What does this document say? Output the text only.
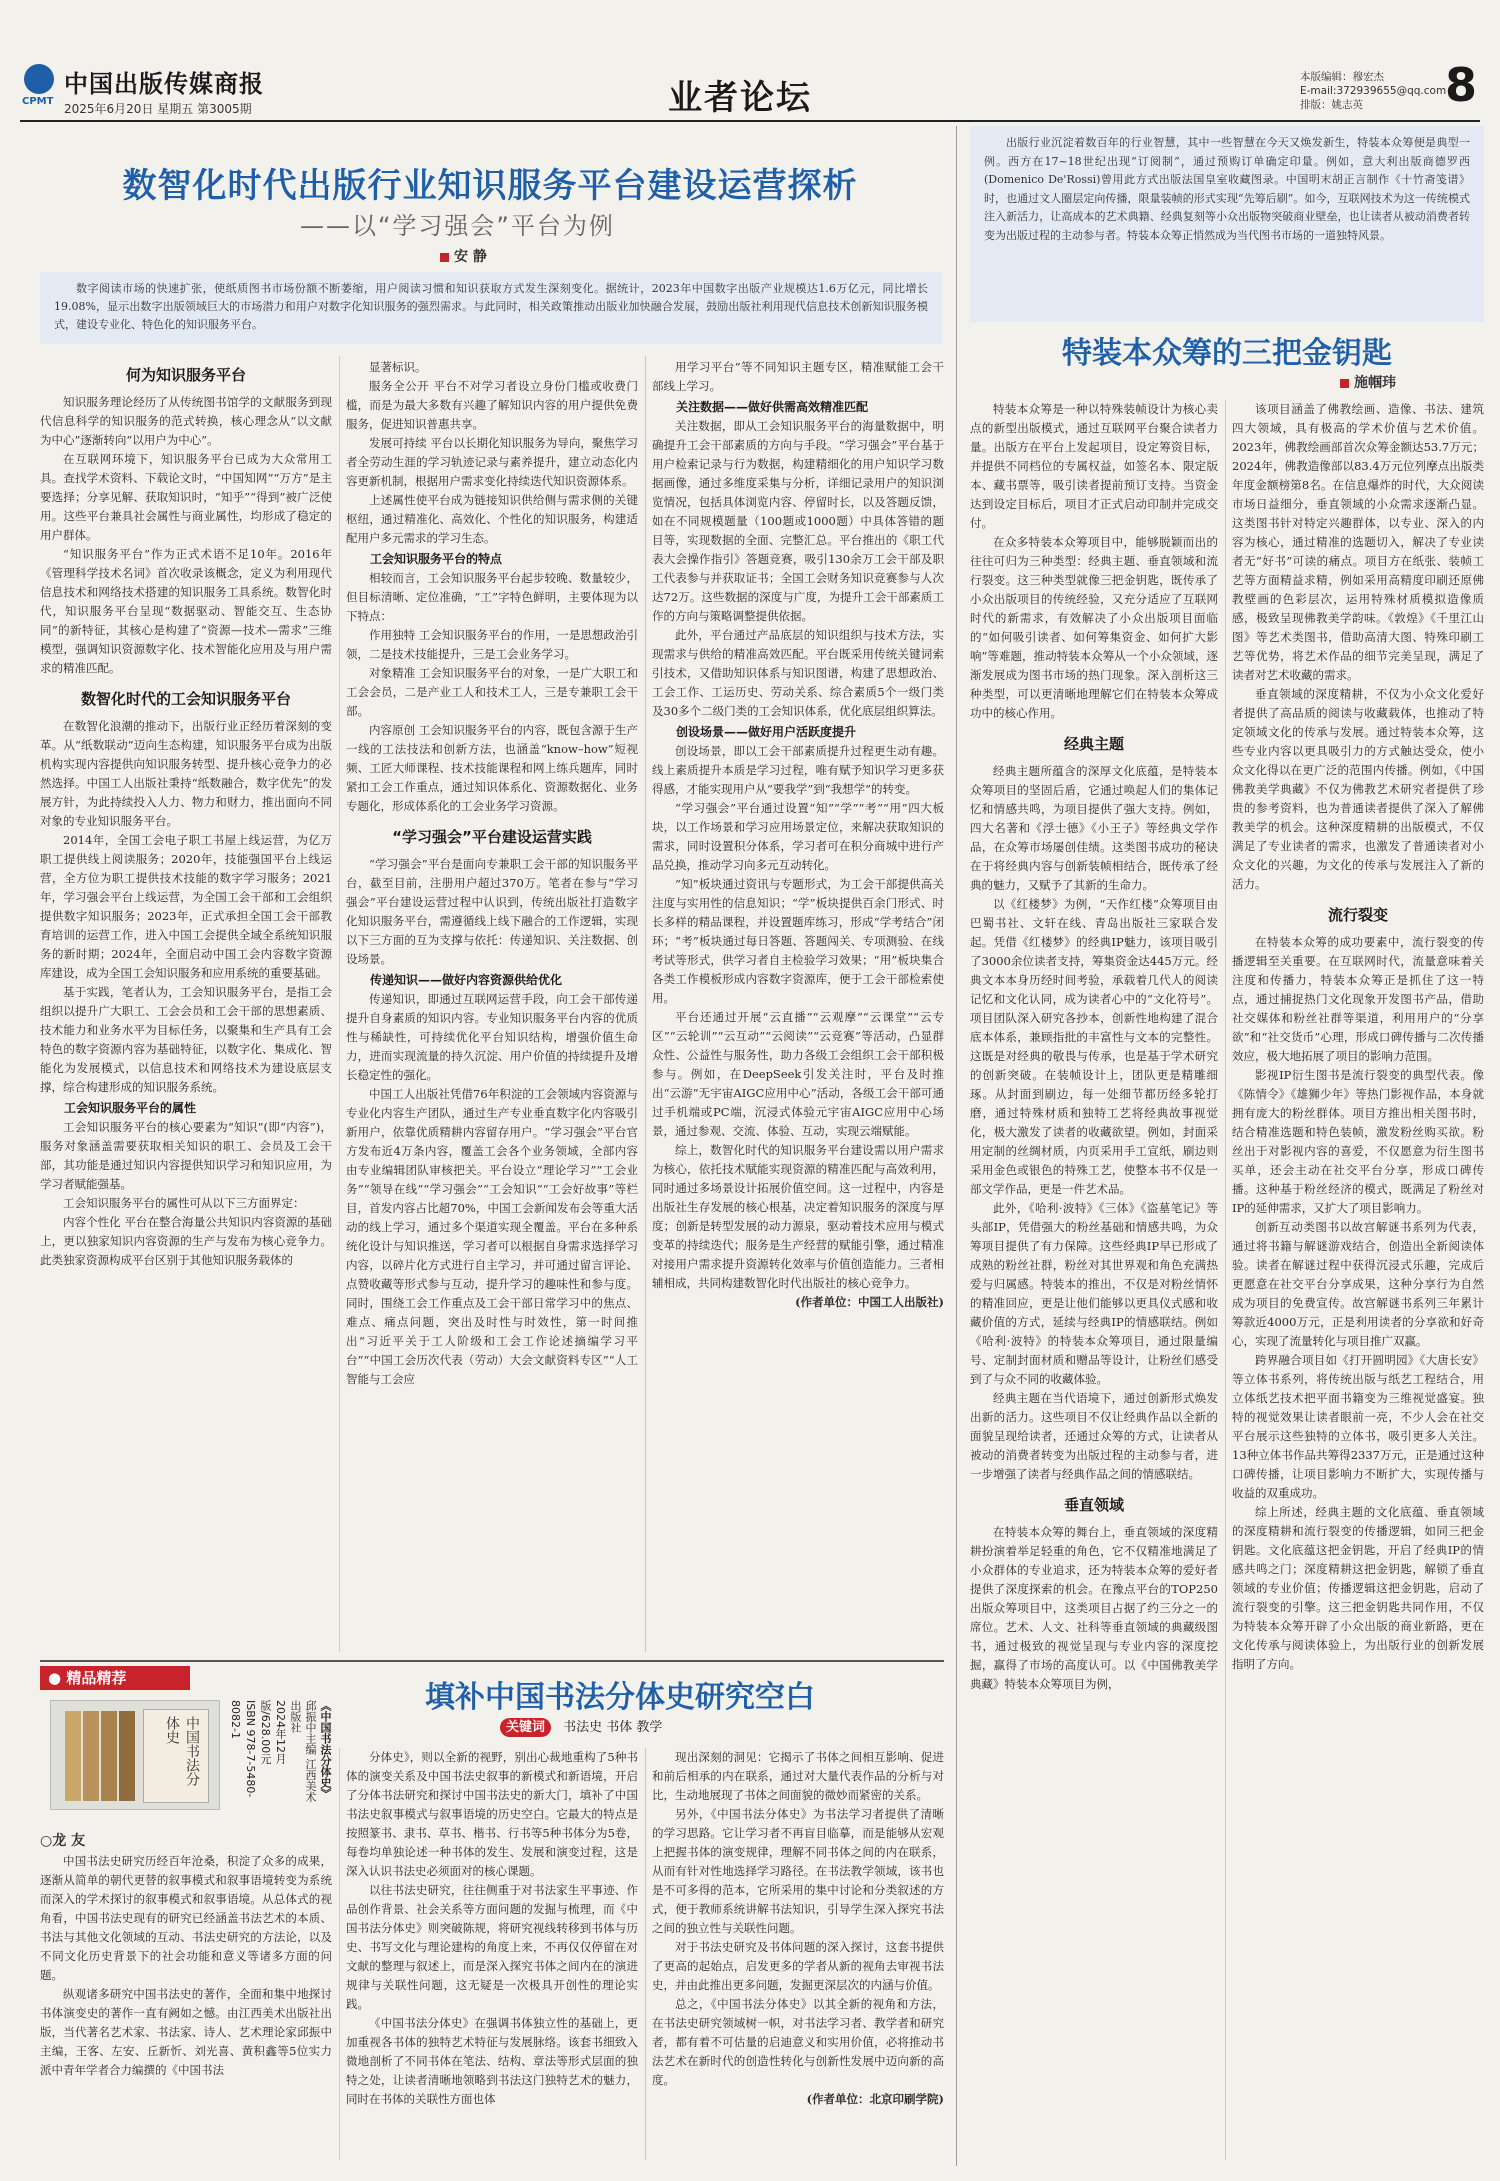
CPMT
中国出版传媒商报
2025年6月20日 星期五 第3005期	业者论坛
本版编辑：穆宏杰
E-mail:372939655@qq.com
排版：姚志英	8
数智化时代出版行业知识服务平台建设运营探析
——以“学习强会”平台为例
安 静

数字阅读市场的快速扩张，使纸质图书市场份额不断萎缩，用户阅读习惯和知识获取方式发生深刻变化。据统计，2023年中国数字出版产业规模达1.6万亿元，同比增长19.08%，显示出数字出版领域巨大的市场潜力和用户对数字化知识服务的强烈需求。与此同时，相关政策推动出版业加快融合发展，鼓励出版社利用现代信息技术创新知识服务模式，建设专业化、特色化的知识服务平台。

何为知识服务平台

知识服务理论经历了从传统图书馆学的文献服务到现代信息科学的知识服务的范式转换，核心理念从“以文献为中心”逐渐转向“以用户为中心”。

在互联网环境下，知识服务平台已成为大众常用工具。查找学术资料、下载论文时，“中国知网”“万方”是主要选择；分享见解、获取知识时，“知乎”“得到”被广泛使用。这些平台兼具社会属性与商业属性，均形成了稳定的用户群体。

“知识服务平台”作为正式术语不足10年。2016年《管理科学技术名词》首次收录该概念，定义为利用现代信息技术和网络技术搭建的知识服务工具系统。数智化时代，知识服务平台呈现“数据驱动、智能交互、生态协同”的新特征，其核心是构建了“资源—技术—需求”三维模型，强调知识资源数字化、技术智能化应用及与用户需求的精准匹配。

数智化时代的工会知识服务平台

在数智化浪潮的推动下，出版行业正经历着深刻的变革。从“纸数联动”迈向生态构建，知识服务平台成为出版机构实现内容提供向知识服务转型、提升核心竞争力的必然选择。中国工人出版社秉持“纸数融合，数字优先”的发展方针，为此持续投入人力、物力和财力，推出面向不同对象的专业知识服务平台。

2014年，全国工会电子职工书屋上线运营，为亿万职工提供线上阅读服务；2020年，技能强国平台上线运营，全方位为职工提供技术技能的数字学习服务；2021年，学习强会平台上线运营，为全国工会干部和工会组织提供数字知识服务；2023年，正式承担全国工会干部教育培训的运营工作，进入中国工会提供全域全系统知识服务的新时期；2024年，全面启动中国工会内容数字资源库建设，成为全国工会知识服务和应用系统的重要基础。

基于实践，笔者认为，工会知识服务平台，是指工会组织以提升广大职工、工会会员和工会干部的思想素质、技术能力和业务水平为目标任务，以聚集和生产具有工会特色的数字资源内容为基础特征，以数字化、集成化、智能化为发展模式，以信息技术和网络技术为建设底层支撑，综合构建形成的知识服务系统。

工会知识服务平台的属性

工会知识服务平台的核心要素为“知识”(即“内容”)，服务对象涵盖需要获取相关知识的职工、会员及工会干部，其功能是通过知识内容提供知识学习和知识应用，为学习者赋能强基。

工会知识服务平台的属性可从以下三方面界定：

内容个性化 平台在整合海量公共知识内容资源的基础上，更以独家知识内容资源的生产与发布为核心竞争力。此类独家资源构成平台区别于其他知识服务载体的

显著标识。

服务全公开 平台不对学习者设立身份门槛或收费门槛，而是为最大多数有兴趣了解知识内容的用户提供免费服务，促进知识普惠共享。

发展可持续 平台以长期化知识服务为导向，聚焦学习者全劳动生涯的学习轨迹记录与素养提升，建立动态化内容更新机制，根据用户需求变化持续迭代知识资源体系。

上述属性使平台成为链接知识供给侧与需求侧的关键枢纽，通过精准化、高效化、个性化的知识服务，构建适配用户多元需求的学习生态。

工会知识服务平台的特点

相较而言，工会知识服务平台起步较晚、数量较少，但目标清晰、定位准确，“工”字特色鲜明，主要体现为以下特点：

作用独特 工会知识服务平台的作用，一是思想政治引领，二是技术技能提升，三是工会业务学习。

对象精准 工会知识服务平台的对象，一是广大职工和工会会员，二是产业工人和技术工人，三是专兼职工会干部。

内容原创 工会知识服务平台的内容，既包含源于生产一线的工法技法和创新方法，也涵盖“know–how”短视频、工匠大师课程、技术技能课程和网上练兵题库，同时紧扣工会工作重点，通过知识体系化、资源数据化、业务专题化，形成体系化的工会业务学习资源。

“学习强会”平台建设运营实践

“学习强会”平台是面向专兼职工会干部的知识服务平台，截至目前，注册用户超过370万。笔者在参与“学习强会”平台建设运营过程中认识到，传统出版社打造数字化知识服务平台，需遵循线上线下融合的工作逻辑，实现以下三方面的互为支撑与依托：传递知识、关注数据、创设场景。

传递知识——做好内容资源供给优化

传递知识，即通过互联网运营手段，向工会干部传递提升自身素质的知识内容。专业知识服务平台内容的优质性与稀缺性，可持续优化平台知识结构，增强价值生命力，进而实现流量的持久沉淀、用户价值的持续提升及增长稳定性的强化。

中国工人出版社凭借76年积淀的工会领域内容资源与专业化内容生产团队，通过生产专业垂直数字化内容吸引新用户，依靠优质精耕内容留存用户。“学习强会”平台官方发布近4万条内容，覆盖工会各个业务领域，全部内容由专业编辑团队审核把关。平台设立“理论学习”“工会业务”“领导在线”“学习强会”“工会知识”“工会好故事”等栏目，首发内容占比超70%，中国工会新闻发布会等重大活动的线上学习，通过多个渠道实现全覆盖。平台在多种系统化设计与知识推送，学习者可以根据自身需求选择学习内容，以碎片化方式进行自主学习，并可通过留言评论、点赞收藏等形式参与互动，提升学习的趣味性和参与度。同时，围绕工会工作重点及工会干部日常学习中的焦点、难点、痛点问题，突出及时性与时效性，第一时间推出“习近平关于工人阶级和工会工作论述摘编学习平台”“中国工会历次代表（劳动）大会文献资料专区”“人工智能与工会应

用学习平台”等不同知识主题专区，精准赋能工会干部线上学习。

关注数据——做好供需高效精准匹配

关注数据，即从工会知识服务平台的海量数据中，明确提升工会干部素质的方向与手段。“学习强会”平台基于用户检索记录与行为数据，构建精细化的用户知识学习数据画像，通过多维度采集与分析，详细记录用户的知识浏览情况，包括具体浏览内容、停留时长，以及答题反馈，如在不同规模题量（100题或1000题）中具体答错的题目等，实现数据的全面、完整汇总。平台推出的《职工代表大会操作指引》答题竞赛，吸引130余万工会干部及职工代表参与并获取证书；全国工会财务知识竞赛参与人次达72万。这些数据的深度与广度，为提升工会干部素质工作的方向与策略调整提供依据。

此外，平台通过产品底层的知识组织与技术方法，实现需求与供给的精准高效匹配。平台既采用传统关键词索引技术，又借助知识体系与知识图谱，构建了思想政治、工会工作、工运历史、劳动关系、综合素质5个一级门类及30多个二级门类的工会知识体系，优化底层组织算法。

创设场景——做好用户活跃度提升

创设场景，即以工会干部素质提升过程更生动有趣。线上素质提升本质是学习过程，唯有赋予知识学习更多获得感，才能实现用户从“要我学”到“我想学”的转变。

“学习强会”平台通过设置“知”“学”“考”“用”四大板块，以工作场景和学习应用场景定位，来解决获取知识的需求，同时设置积分体系，学习者可在积分商城中进行产品兑换，推动学习向多元互动转化。

“知”板块通过资讯与专题形式，为工会干部提供高关注度与实用性的信息知识；“学”板块提供百余门形式、时长多样的精品课程，并设置题库练习，形成“学考结合”闭环；“考”板块通过每日答题、答题闯关、专项测验、在线考试等形式，供学习者自主检验学习效果；“用”板块集合各类工作模板形成内容数字资源库，便于工会干部检索使用。

平台还通过开展“云直播”“云观摩”“云课堂”“云专区”“云轮训”“云互动”“云阅读”“云竞赛”等活动，凸显群众性、公益性与服务性，助力各级工会组织工会干部积极参与。例如，在DeepSeek引发关注时，平台及时推出“云游”无宇宙AIGC应用中心”活动，各级工会干部可通过手机端或PC端，沉浸式体验元宇宙AIGC应用中心场景，通过参观、交流、体验、互动，实现云端赋能。

综上，数智化时代的知识服务平台建设需以用户需求为核心，依托技术赋能实现资源的精准匹配与高效利用，同时通过多场景设计拓展价值空间。这一过程中，内容是出版社生存发展的核心根基，决定着知识服务的深度与厚度；创新是转型发展的动力源泉，驱动着技术应用与模式变革的持续迭代；服务是生产经营的赋能引擎，通过精准对接用户需求提升资源转化效率与价值创造能力。三者相辅相成，共同构建数智化时代出版社的核心竞争力。

(作者单位：中国工人出版社)

出版行业沉淀着数百年的行业智慧，其中一些智慧在今天又焕发新生，特装本众筹便是典型一例。西方在17~18世纪出现“订阅制”，通过预购订单确定印量。例如，意大利出版商德罗西(Domenico De'Rossi)曾用此方式出版法国皇室收藏图录。中国明末胡正言制作《十竹斋笺谱》时，也通过文人圈层定向传播，限量装帧的形式实现“先筹后刷”。如今，互联网技术为这一传统模式注入新活力，让高成本的艺术典籍、经典复刻等小众出版物突破商业壁垒，也让读者从被动消费者转变为出版过程的主动参与者。特装本众筹正悄然成为当代图书市场的一道独特风景。

特装本众筹的三把金钥匙
施帼玮

特装本众筹是一种以特殊装帧设计为核心卖点的新型出版模式，通过互联网平台聚合读者力量。出版方在平台上发起项目，设定筹资目标，并提供不同档位的专属权益，如签名本、限定版本、藏书票等，吸引读者提前预订支持。当资金达到设定目标后，项目才正式启动印制并完成交付。

在众多特装本众筹项目中，能够脱颖而出的往往可归为三种类型：经典主题、垂直领域和流行裂变。这三种类型就像三把金钥匙，既传承了小众出版项目的传统经验，又充分适应了互联网时代的新需求，有效解决了小众出版项目面临的“如何吸引读者、如何筹集资金、如何扩大影响”等难题，推动特装本众筹从一个小众领域，逐渐发展成为图书市场的热门现象。深入剖析这三种类型，可以更清晰地理解它们在特装本众筹成功中的核心作用。

经典主题

经典主题所蕴含的深厚文化底蕴，是特装本众筹项目的坚固后盾，它通过唤起人们的集体记忆和情感共鸣，为项目提供了强大支持。例如，四大名著和《浮士德》《小王子》等经典文学作品，在众筹市场屡创佳绩。这类图书成功的秘诀在于将经典内容与创新装帧相结合，既传承了经典的魅力，又赋予了其新的生命力。

以《红楼梦》为例，“天作红楼”众筹项目由巴蜀书社、文轩在线、青岛出版社三家联合发起。凭借《红楼梦》的经典IP魅力，该项目吸引了3000余位读者支持，筹集资金达445万元。经典文本本身历经时间考验，承载着几代人的阅读记忆和文化认同，成为读者心中的“文化符号”。项目团队深入研究各抄本，创新性地构建了混合底本体系，兼顾指批的丰富性与文本的完整性。这既是对经典的敬畏与传承，也是基于学术研究的创新突破。在装帧设计上，团队更是精雕细琢。从封面到刷边，每一处细节都历经多轮打磨，通过特殊材质和独特工艺将经典故事视觉化，极大激发了读者的收藏欲望。例如，封面采用定制的丝绸材质，内页采用手工宣纸，刷边则采用金色或银色的特殊工艺，使整本书不仅是一部文学作品，更是一件艺术品。

此外，《哈利·波特》《三体》《盗墓笔记》等头部IP，凭借强大的粉丝基础和情感共鸣，为众筹项目提供了有力保障。这些经典IP早已形成了成熟的粉丝社群，粉丝对其世界观和角色充满热爱与归属感。特装本的推出，不仅是对粉丝情怀的精准回应，更是让他们能够以更具仪式感和收藏价值的方式，延续与经典IP的情感联结。例如《哈利·波特》的特装本众筹项目，通过限量编号、定制封面材质和赠品等设计，让粉丝们感受到了与众不同的收藏体验。

经典主题在当代语境下，通过创新形式焕发出新的活力。这些项目不仅让经典作品以全新的面貌呈现给读者，还通过众筹的方式，让读者从被动的消费者转变为出版过程的主动参与者，进一步增强了读者与经典作品之间的情感联结。

垂直领域

在特装本众筹的舞台上，垂直领域的深度精耕扮演着举足轻重的角色，它不仅精准地满足了小众群体的专业追求，还为特装本众筹的爱好者提供了深度探索的机会。在豫点平台的TOP250出版众筹项目中，这类项目占据了约三分之一的席位。艺术、人文、社科等垂直领域的典藏级图书，通过极致的视觉呈现与专业内容的深度挖掘，赢得了市场的高度认可。以《中国佛教美学典藏》特装本众筹项目为例，

该项目涵盖了佛教绘画、造像、书法、建筑四大领域，具有极高的学术价值与艺术价值。2023年，佛教绘画部首次众筹金额达53.7万元；2024年，佛教造像部以83.4万元位列摩点出版类年度金额榜第8名。在信息爆炸的时代，大众阅读市场日益细分，垂直领域的小众需求逐渐凸显。这类图书针对特定兴趣群体，以专业、深入的内容为核心，通过精准的选题切入，解决了专业读者无“好书”可读的痛点。项目方在纸张、装帧工艺等方面精益求精，例如采用高精度印刷还原佛教壁画的色彩层次，运用特殊材质模拟造像质感，极致呈现佛教美学韵味。《敦煌》《千里江山图》等艺术类图书，借助高清大图、特殊印刷工艺等优势，将艺术作品的细节完美呈现，满足了读者对艺术收藏的需求。

垂直领域的深度精耕，不仅为小众文化爱好者提供了高品质的阅读与收藏载体，也推动了特定领域文化的传承与发展。通过特装本众筹，这些专业内容以更具吸引力的方式触达受众，使小众文化得以在更广泛的范围内传播。例如，《中国佛教美学典藏》不仅为佛教艺术研究者提供了珍贵的参考资料，也为普通读者提供了深入了解佛教美学的机会。这种深度精耕的出版模式，不仅满足了专业读者的需求，也激发了普通读者对小众文化的兴趣，为文化的传承与发展注入了新的活力。

流行裂变

在特装本众筹的成功要素中，流行裂变的传播逻辑至关重要。在互联网时代，流量意味着关注度和传播力，特装本众筹正是抓住了这一特点，通过捕捉热门文化现象开发图书产品，借助社交媒体和粉丝社群等渠道，利用用户的“分享欲”和“社交货币”心理，形成口碑传播与二次传播效应，极大地拓展了项目的影响力范围。

影视IP衍生图书是流行裂变的典型代表。像《陈情令》《雄狮少年》等热门影视作品，本身就拥有庞大的粉丝群体。项目方推出相关图书时，结合精准选题和特色装帧，激发粉丝购买欲。粉丝出于对影视内容的喜爱，不仅愿意为衍生图书买单，还会主动在社交平台分享，形成口碑传播。这种基于粉丝经济的模式，既满足了粉丝对IP的延伸需求，又扩大了项目影响力。

创新互动类图书以故宫解谜书系列为代表，通过将书籍与解谜游戏结合，创造出全新阅读体验。读者在解谜过程中获得沉浸式乐趣，完成后更愿意在社交平台分享成果，这种分享行为自然成为项目的免费宣传。故宫解谜书系列三年累计筹款近4000万元，正是利用读者的分享欲和好奇心，实现了流量转化与项目推广双赢。

跨界融合项目如《打开圆明园》《大唐长安》等立体书系列，将传统出版与纸艺工程结合，用立体纸艺技术把平面书籍变为三维视觉盛宴。独特的视觉效果让读者眼前一亮，不少人会在社交平台展示这些独特的立体书，吸引更多人关注。13种立体书作品共筹得2337万元，正是通过这种口碑传播，让项目影响力不断扩大，实现传播与收益的双重成功。

综上所述，经典主题的文化底蕴、垂直领域的深度精耕和流行裂变的传播逻辑，如同三把金钥匙。文化底蕴这把金钥匙，开启了经典IP的情感共鸣之门；深度精耕这把金钥匙，解锁了垂直领域的专业价值；传播逻辑这把金钥匙，启动了流行裂变的引擎。这三把金钥匙共同作用，不仅为特装本众筹开辟了小众出版的商业新路，更在文化传承与阅读体验上，为出版行业的创新发展指明了方向。

● 精品精荐
填补中国书法分体史研究空白
关键词 书法史 书体 教学
中国书法分体史	《中国书法分体史》
邱振中主编 江西美术出版社
2024年12月版/628.00元
ISBN 978-7-5480-8082-1
○龙 友

中国书法史研究历经百年沧桑，积淀了众多的成果，逐渐从简单的朝代更替的叙事模式和叙事语境转变为系统而深入的学术探讨的叙事模式和叙事语境。从总体式的视角看，中国书法史现有的研究已经涵盖书法艺术的本质、书法与其他文化领域的互动、书法史研究的方法论，以及不同文化历史背景下的社会功能和意义等诸多方面的问题。

纵观诸多研究中国书法史的著作，全面和集中地探讨书体演变史的著作一直有阙如之憾。由江西美术出版社出版，当代著名艺术家、书法家、诗人、艺术理论家邱振中主编，王客、左安、丘新忻、刘光喜、黄积鑫等5位实力派中青年学者合力编撰的《中国书法

分体史》，则以全新的视野，别出心裁地重构了5种书体的演变关系及中国书法史叙事的新模式和新语境，开启了分体书法研究和探讨中国书法史的新大门，填补了中国书法史叙事模式与叙事语境的历史空白。它最大的特点是按照篆书、隶书、草书、楷书、行书等5种书体分为5卷，每卷均单独论述一种书体的发生、发展和演变过程，这是深入认识书法史必须面对的核心课题。

以往书法史研究，往往侧重于对书法家生平事迹、作品创作背景、社会关系等方面问题的发掘与梳理，而《中国书法分体史》则突破陈规，将研究视线转移到书体与历史、书写文化与理论建构的角度上来，不再仅仅停留在对文献的整理与叙述上，而是深入探究书体之间内在的演进规律与关联性问题，这无疑是一次极具开创性的理论实践。

《中国书法分体史》在强调书体独立性的基础上，更加重视各书体的独特艺术特征与发展脉络。该套书细致入微地剖析了不同书体在笔法、结构、章法等形式层面的独特之处，让读者清晰地领略到书法这门独特艺术的魅力，同时在书体的关联性方面也体

现出深刻的洞见：它揭示了书体之间相互影响、促进和前后相承的内在联系，通过对大量代表作品的分析与对比，生动地展现了书体之间面貌的微妙而紧密的关系。

另外，《中国书法分体史》为书法学习者提供了清晰的学习思路。它让学习者不再盲目临摹，而是能够从宏观上把握书体的演变规律，理解不同书体之间的内在联系，从而有针对性地选择学习路径。在书法教学领域，该书也是不可多得的范本，它所采用的集中讨论和分类叙述的方式，便于教师系统讲解书法知识，引导学生深入探究书法之间的独立性与关联性问题。

对于书法史研究及书体问题的深入探讨，这套书提供了更高的起始点，启发更多的学者从新的视角去审视书法史，并由此推出更多问题，发掘更深层次的内涵与价值。

总之，《中国书法分体史》以其全新的视角和方法，在书法史研究领域树一帜，对书法学习者、教学者和研究者，都有着不可估量的启迪意义和实用价值，必将推动书法艺术在新时代的创造性转化与创新性发展中迈向新的高度。

(作者单位：北京印刷学院)
